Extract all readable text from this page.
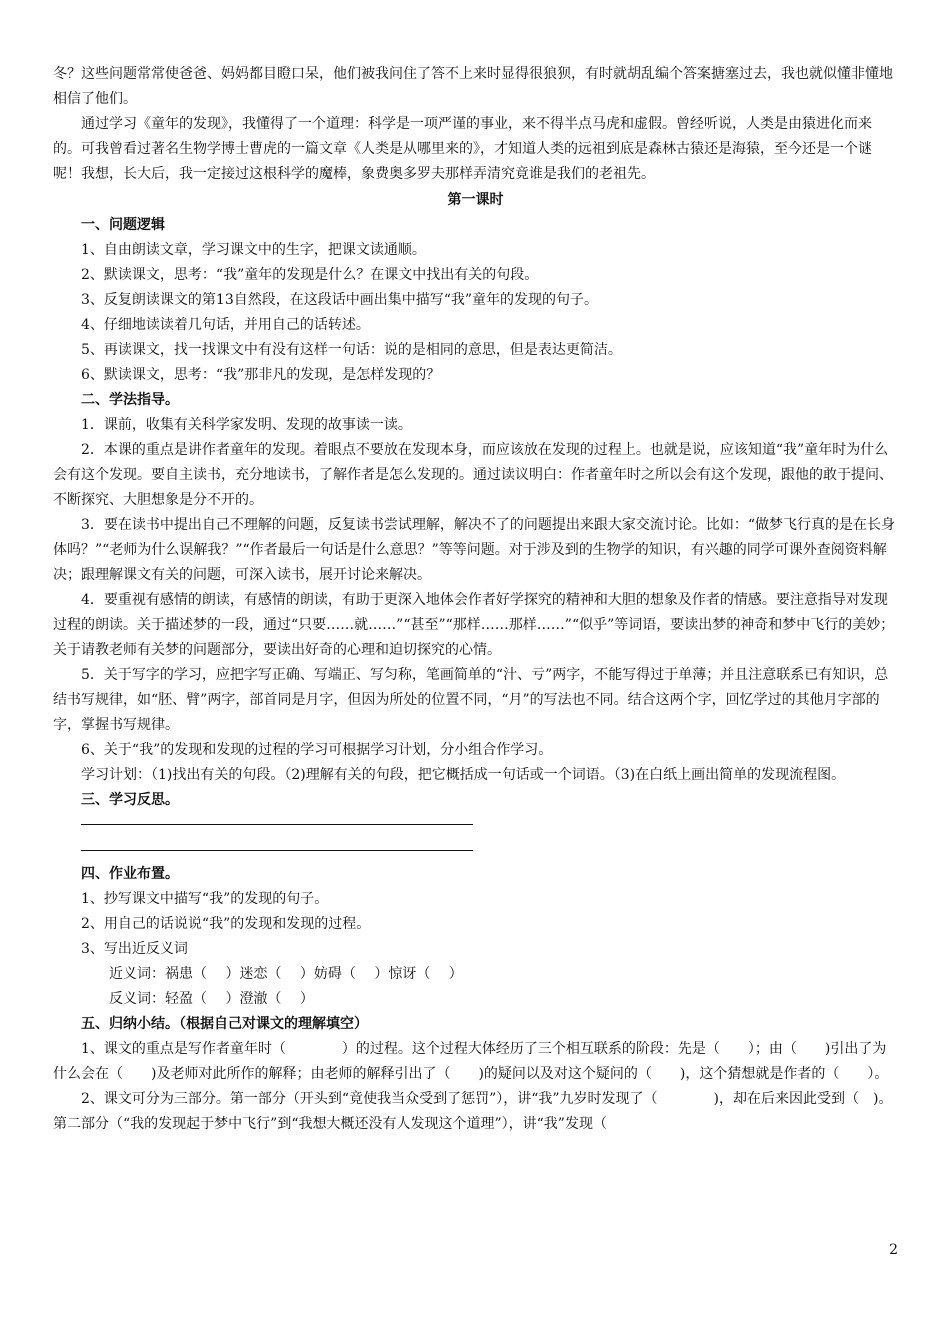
冬？这些问题常常使爸爸、妈妈都目瞪口呆，他们被我问住了答不上来时显得很狼狈，有时就胡乱编个答案搪塞过去，我也就似懂非懂地相信了他们。

通过学习《童年的发现》，我懂得了一个道理：科学是一项严谨的事业，来不得半点马虎和虚假。曾经听说，人类是由猿进化而来的。可我曾看过著名生物学博士曹虎的一篇文章《人类是从哪里来的》，才知道人类的远祖到底是森林古猿还是海猿，至今还是一个谜呢！我想，长大后，我一定接过这根科学的魔棒，象费奥多罗夫那样弄清究竟谁是我们的老祖先。

第一课时

一、问题逻辑

1、自由朗读文章，学习课文中的生字，把课文读通顺。

2、默读课文，思考：“我”童年的发现是什么？在课文中找出有关的句段。

3、反复朗读课文的第13自然段，在这段话中画出集中描写“我”童年的发现的句子。

4、仔细地读读着几句话，并用自己的话转述。

5、再读课文，找一找课文中有没有这样一句话：说的是相同的意思，但是表达更简洁。

6、默读课文，思考：“我”那非凡的发现，是怎样发现的？

二、学法指导。

1．课前，收集有关科学家发明、发现的故事读一读。

2．本课的重点是讲作者童年的发现。着眼点不要放在发现本身，而应该放在发现的过程上。也就是说，应该知道“我”童年时为什么会有这个发现。要自主读书，充分地读书，了解作者是怎么发现的。通过读议明白：作者童年时之所以会有这个发现，跟他的敢于提问、不断探究、大胆想象是分不开的。

3．要在读书中提出自己不理解的问题，反复读书尝试理解，解决不了的问题提出来跟大家交流讨论。比如：“做梦飞行真的是在长身体吗？”“老师为什么误解我？”“作者最后一句话是什么意思？”等等问题。对于涉及到的生物学的知识，有兴趣的同学可课外查阅资料解决；跟理解课文有关的问题，可深入读书，展开讨论来解决。

4．要重视有感情的朗读，有感情的朗读，有助于更深入地体会作者好学探究的精神和大胆的想象及作者的情感。要注意指导对发现过程的朗读。关于描述梦的一段，通过“只要……就……”“甚至”“那样……那样……”“似乎”等词语，要读出梦的神奇和梦中飞行的美妙；关于请教老师有关梦的问题部分，要读出好奇的心理和迫切探究的心情。

5．关于写字的学习，应把字写正确、写端正、写匀称，笔画简单的“汁、亏”两字，不能写得过于单薄；并且注意联系已有知识，总结书写规律，如“胚、臂”两字，部首同是月字，但因为所处的位置不同，“月”的写法也不同。结合这两个字，回忆学过的其他月字部的字，掌握书写规律。

6、关于“我”的发现和发现的过程的学习可根据学习计划，分小组合作学习。

学习计划：（1)找出有关的句段。（2)理解有关的句段，把它概括成一句话或一个词语。（3)在白纸上画出简单的发现流程图。

三、学习反思。

四、作业布置。

1、抄写课文中描写“我”的发现的句子。

2、用自己的话说说“我”的发现和发现的过程。

3、写出近反义词

近义词：祸患（　 ）迷恋（　 ）妨碍（　 ）惊讶（　 ）

反义词：轻盈（　 ）澄澈（　 ）

五、归纳小结。（根据自己对课文的理解填空）

1、课文的重点是写作者童年时（　　　　）的过程。这个过程大体经历了三个相互联系的阶段：先是（　　）；由（　　)引出了为什么会在（　　)及老师对此所作的解释；由老师的解释引出了（　　)的疑问以及对这个疑问的（　　)，这个猜想就是作者的（　　）。

2、课文可分为三部分。第一部分（开头到“竟使我当众受到了惩罚”），讲“我”九岁时发现了（　　　　)，却在后来因此受到（　)。第二部分（“我的发现起于梦中飞行”到“我想大概还没有人发现这个道理”），讲“我”发现（

2
